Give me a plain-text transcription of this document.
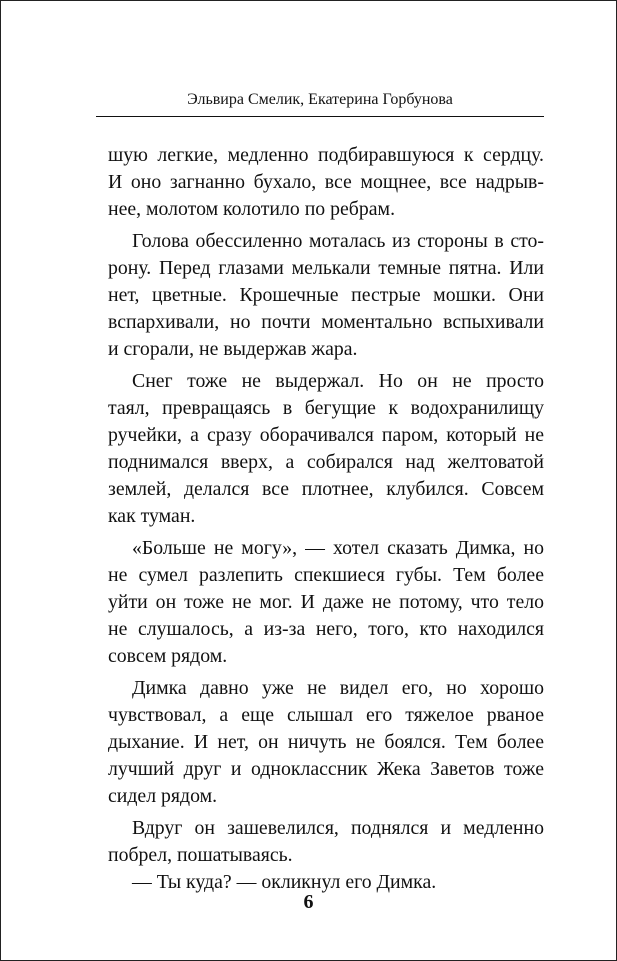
Эльвира Смелик, Екатерина Горбунова
шую легкие, медленно подбиравшуюся к сердцу.
И оно загнанно бухало, все мощнее, все надрыв-
нее, молотом колотило по ребрам.
Голова обессиленно моталась из стороны в сто-
рону. Перед глазами мелькали темные пятна. Или
нет, цветные. Крошечные пестрые мошки. Они
вспархивали, но почти моментально вспыхивали
и сгорали, не выдержав жара.
Снег тоже не выдержал. Но он не просто
таял, превращаясь в бегущие к водохранилищу
ручейки, а сразу оборачивался паром, который не
поднимался вверх, а собирался над желтоватой
землей, делался все плотнее, клубился. Совсем
как туман.
«Больше не могу», — хотел сказать Димка, но
не сумел разлепить спекшиеся губы. Тем более
уйти он тоже не мог. И даже не потому, что тело
не слушалось, а из-за него, того, кто находился
совсем рядом.
Димка давно уже не видел его, но хорошо
чувствовал, а еще слышал его тяжелое рваное
дыхание. И нет, он ничуть не боялся. Тем более
лучший друг и одноклассник Жека Заветов тоже
сидел рядом.
Вдруг он зашевелился, поднялся и медленно
побрел, пошатываясь.
— Ты куда? — окликнул его Димка.
6
